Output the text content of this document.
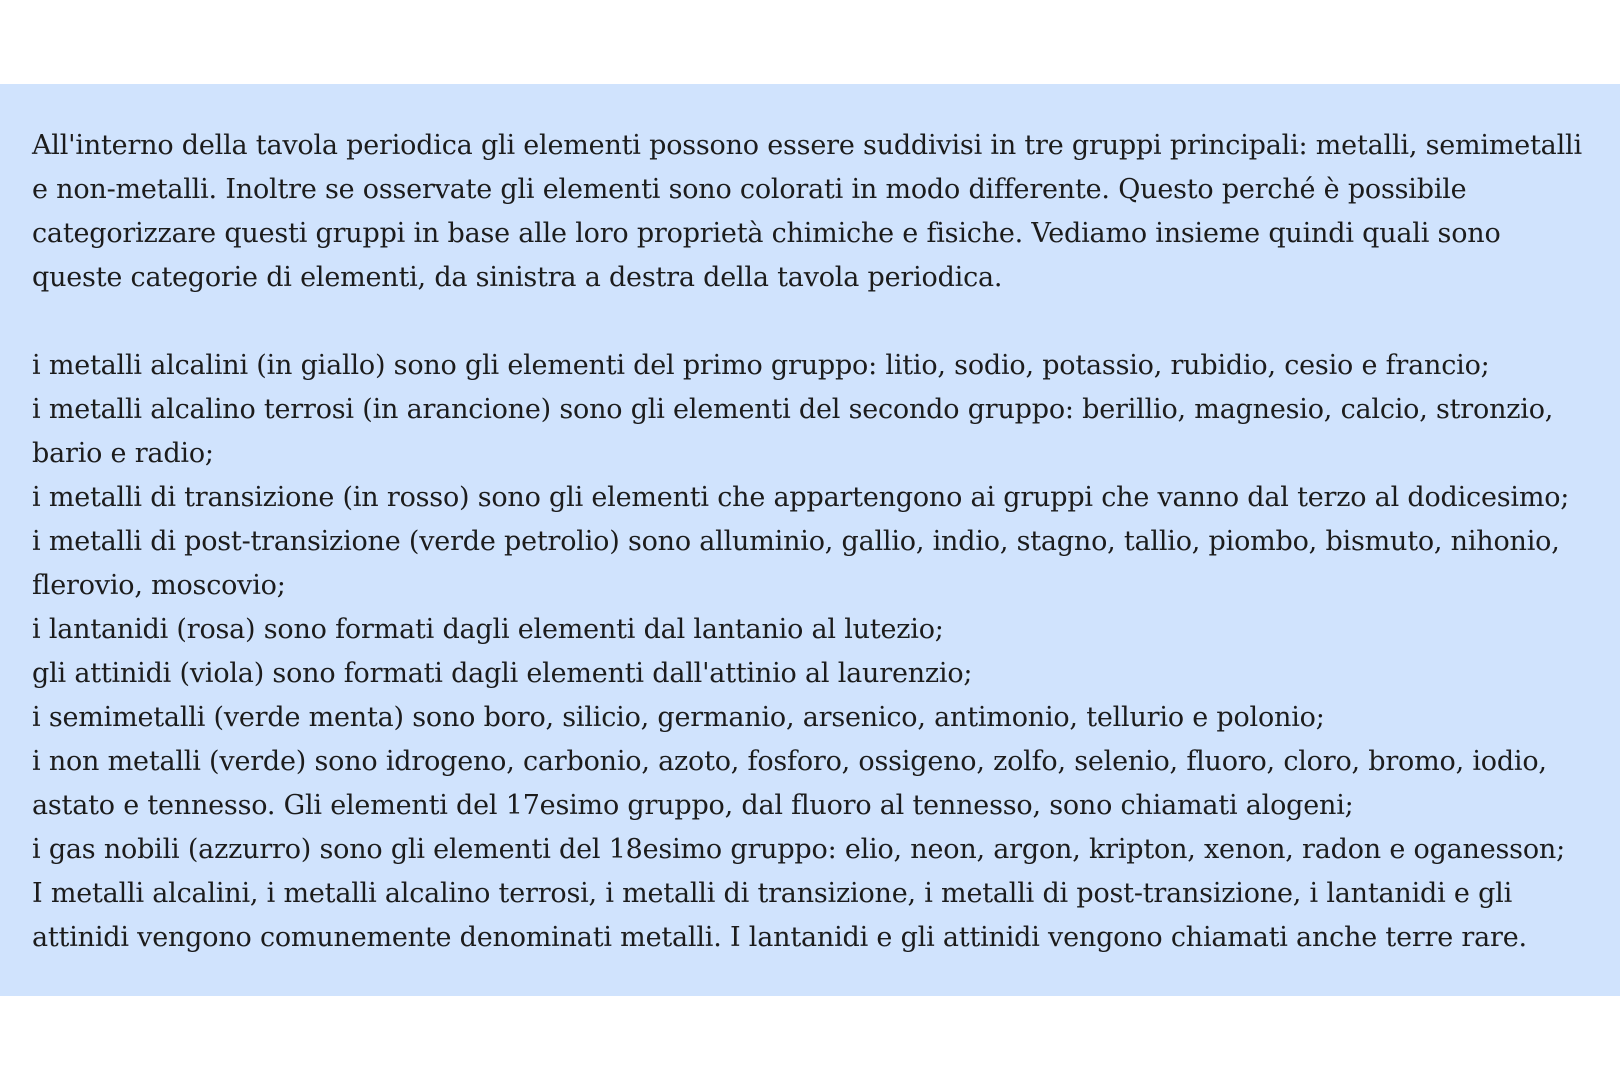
All'interno della tavola periodica gli elementi possono essere suddivisi in tre gruppi principali: metalli, semimetalli e non-metalli. Inoltre se osservate gli elementi sono colorati in modo differente. Questo perché è possibile categorizzare questi gruppi in base alle loro proprietà chimiche e fisiche. Vediamo insieme quindi quali sono queste categorie di elementi, da sinistra a destra della tavola periodica.

i metalli alcalini (in giallo) sono gli elementi del primo gruppo: litio, sodio, potassio, rubidio, cesio e francio;

i metalli alcalino terrosi (in arancione) sono gli elementi del secondo gruppo: berillio, magnesio, calcio, stronzio, bario e radio;

i metalli di transizione (in rosso) sono gli elementi che appartengono ai gruppi che vanno dal terzo al dodicesimo;

i metalli di post-transizione (verde petrolio) sono alluminio, gallio, indio, stagno, tallio, piombo, bismuto, nihonio, flerovio, moscovio;

i lantanidi (rosa) sono formati dagli elementi dal lantanio al lutezio;

gli attinidi (viola) sono formati dagli elementi dall'attinio al laurenzio;

i semimetalli (verde menta) sono boro, silicio, germanio, arsenico, antimonio, tellurio e polonio;

i non metalli (verde) sono idrogeno, carbonio, azoto, fosforo, ossigeno, zolfo, selenio, fluoro, cloro, bromo, iodio, astato e tennesso. Gli elementi del 17esimo gruppo, dal fluoro al tennesso, sono chiamati alogeni;

i gas nobili (azzurro) sono gli elementi del 18esimo gruppo: elio, neon, argon, kripton, xenon, radon e oganesson;

I metalli alcalini, i metalli alcalino terrosi, i metalli di transizione, i metalli di post-transizione, i lantanidi e gli attinidi vengono comunemente denominati metalli. I lantanidi e gli attinidi vengono chiamati anche terre rare.
